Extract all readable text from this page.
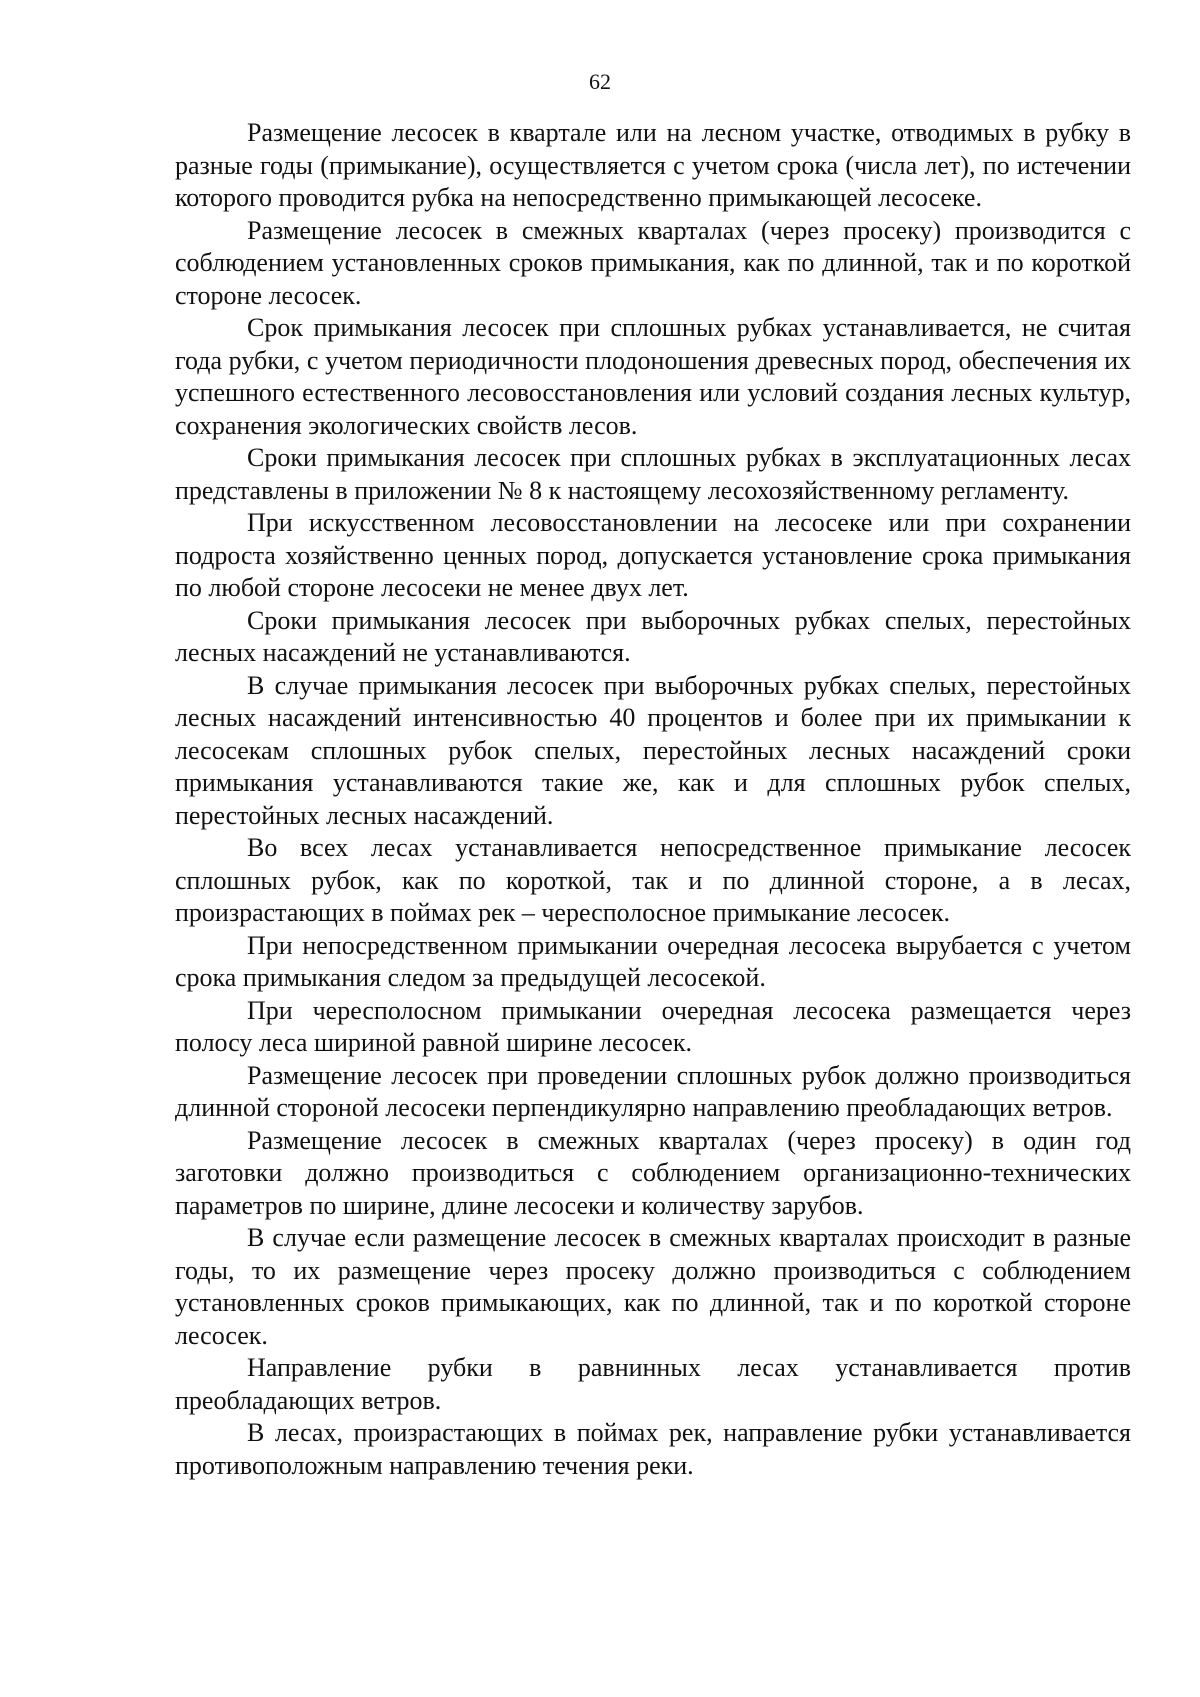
62

Размещение лесосек в квартале или на лесном участке, отводимых в рубку в разные годы (примыкание), осуществляется с учетом срока (числа лет), по истечении которого проводится рубка на непосредственно примыкающей лесосеке.

Размещение лесосек в смежных кварталах (через просеку) производится с соблюдением установленных сроков примыкания, как по длинной, так и по короткой стороне лесосек.

Срок примыкания лесосек при сплошных рубках устанавливается, не считая года рубки, с учетом периодичности плодоношения древесных пород, обеспечения их успешного естественного лесовосстановления или условий создания лесных культур, сохранения экологических свойств лесов.

Сроки примыкания лесосек при сплошных рубках в эксплуатационных лесах представлены в приложении № 8 к настоящему лесохозяйственному регламенту.

При искусственном лесовосстановлении на лесосеке или при сохранении подроста хозяйственно ценных пород, допускается установление срока примыкания по любой стороне лесосеки не менее двух лет.

Сроки примыкания лесосек при выборочных рубках спелых, перестойных лесных насаждений не устанавливаются.

В случае примыкания лесосек при выборочных рубках спелых, перестойных лесных насаждений интенсивностью 40 процентов и более при их примыкании к лесосекам сплошных рубок спелых, перестойных лесных насаждений сроки примыкания устанавливаются такие же, как и для сплошных рубок спелых, перестойных лесных насаждений.

Во всех лесах устанавливается непосредственное примыкание лесосек сплошных рубок, как по короткой, так и по длинной стороне, а в лесах, произрастающих в поймах рек – чересполосное примыкание лесосек.

При непосредственном примыкании очередная лесосека вырубается с учетом срока примыкания следом за предыдущей лесосекой.

При чересполосном примыкании очередная лесосека размещается через полосу леса шириной равной ширине лесосек.

Размещение лесосек при проведении сплошных рубок должно производиться длинной стороной лесосеки перпендикулярно направлению преобладающих ветров.

Размещение лесосек в смежных кварталах (через просеку) в один год заготовки должно производиться с соблюдением организационно-технических параметров по ширине, длине лесосеки и количеству зарубов.

В случае если размещение лесосек в смежных кварталах происходит в разные годы, то их размещение через просеку должно производиться с соблюдением установленных сроков примыкающих, как по длинной, так и по короткой стороне лесосек.

Направление рубки в равнинных лесах устанавливается против преобладающих ветров.

В лесах, произрастающих в поймах рек, направление рубки устанавливается противоположным направлению течения реки.
